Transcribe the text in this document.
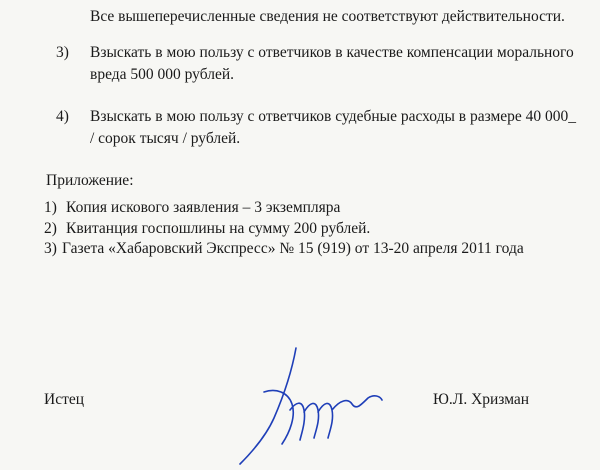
Все вышеперечисленные сведения не соответствуют действительности.
3) Взыскать в мою пользу с ответчиков в качестве компенсации морального
вреда 500 000 рублей.
4) Взыскать в мою пользу с ответчиков судебные расходы в размере 40 000_
/ сорок тысяч / рублей.
Приложение:
1) Копия искового заявления – 3 экземпляра
2) Квитанция госпошлины на сумму 200 рублей.
3) Газета «Хабаровский Экспресс» № 15 (919) от 13-20 апреля 2011 года
Истец	Ю.Л. Хризман
